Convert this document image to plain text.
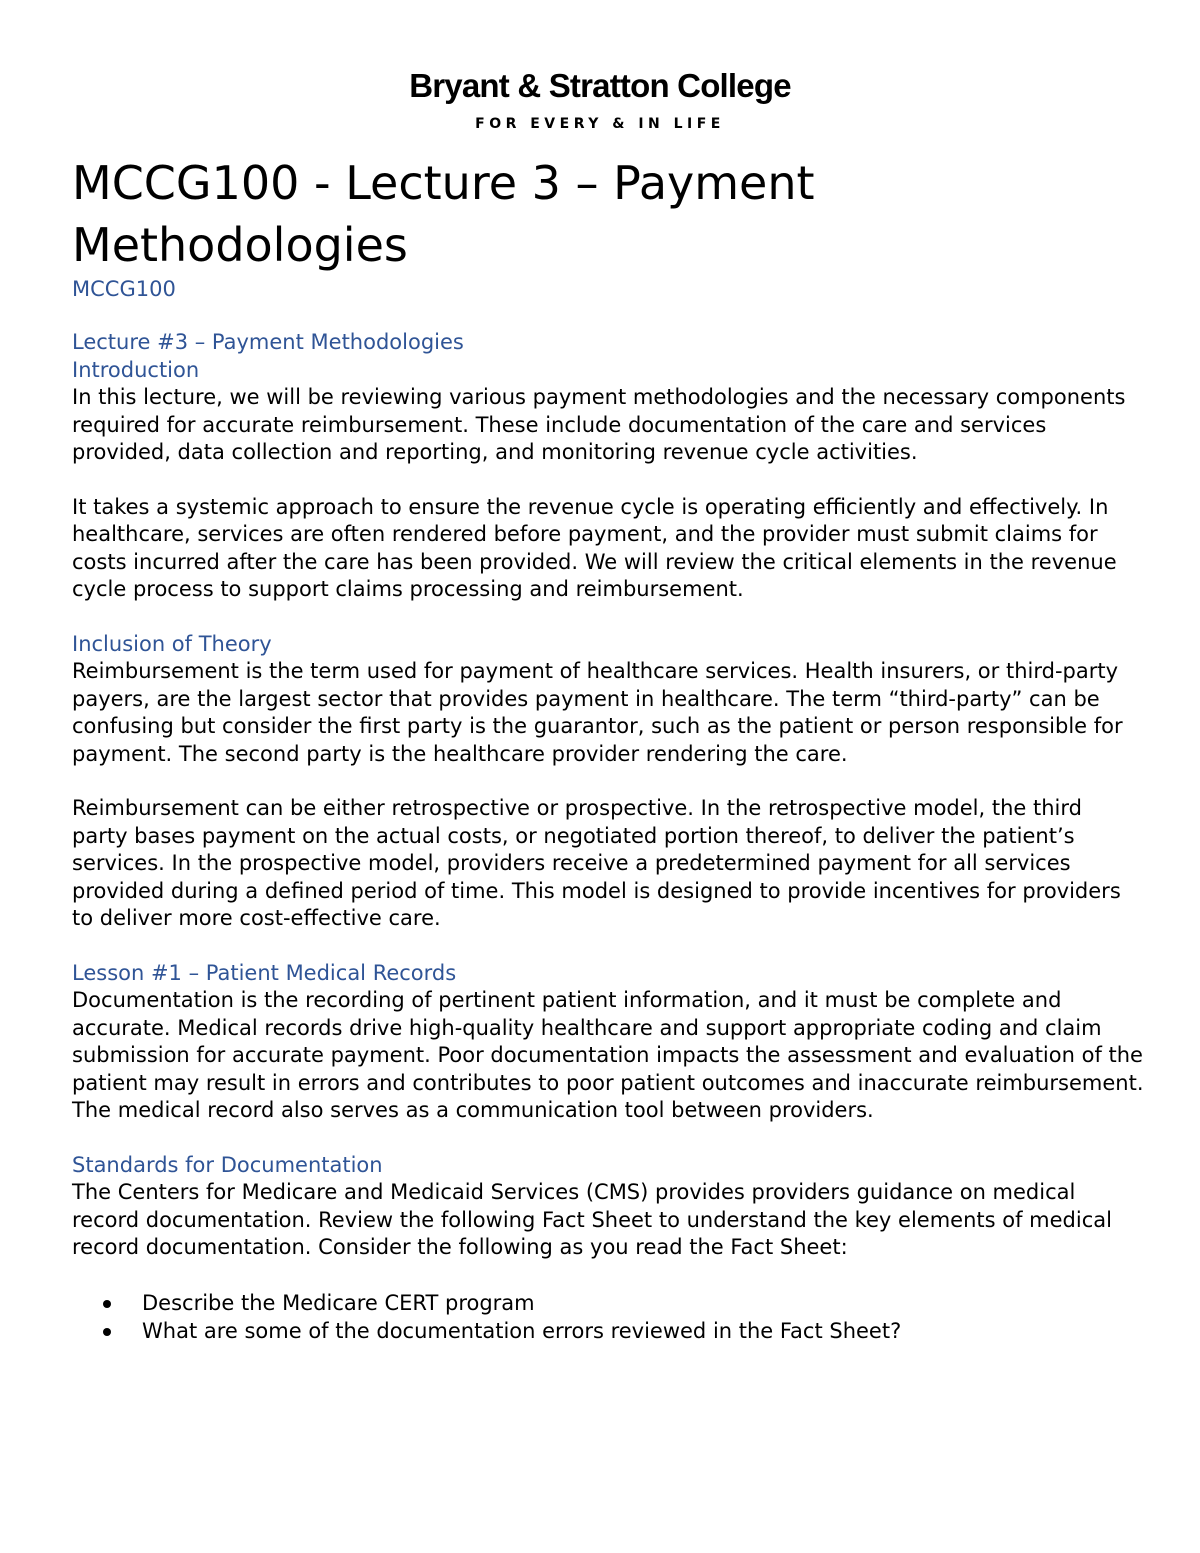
Bryant & Stratton College
FOR EVERY & IN LIFE
MCCG100 - Lecture 3 – Payment Methodologies

MCCG100

Lecture #3 – Payment Methodologies

Introduction

In this lecture, we will be reviewing various payment methodologies and the necessary components required for accurate reimbursement. These include documentation of the care and services provided, data collection and reporting, and monitoring revenue cycle activities.

It takes a systemic approach to ensure the revenue cycle is operating efficiently and effectively. In healthcare, services are often rendered before payment, and the provider must submit claims for costs incurred after the care has been provided. We will review the critical elements in the revenue cycle process to support claims processing and reimbursement.

Inclusion of Theory

Reimbursement is the term used for payment of healthcare services. Health insurers, or third-party payers, are the largest sector that provides payment in healthcare. The term “third-party” can be confusing but consider the first party is the guarantor, such as the patient or person responsible for payment. The second party is the healthcare provider rendering the care.

Reimbursement can be either retrospective or prospective. In the retrospective model, the third party bases payment on the actual costs, or negotiated portion thereof, to deliver the patient’s services. In the prospective model, providers receive a predetermined payment for all services provided during a defined period of time. This model is designed to provide incentives for providers to deliver more cost-effective care.

Lesson #1 – Patient Medical Records

Documentation is the recording of pertinent patient information, and it must be complete and accurate. Medical records drive high-quality healthcare and support appropriate coding and claim submission for accurate payment. Poor documentation impacts the assessment and evaluation of the patient may result in errors and contributes to poor patient outcomes and inaccurate reimbursement. The medical record also serves as a communication tool between providers.

Standards for Documentation

The Centers for Medicare and Medicaid Services (CMS) provides providers guidance on medical record documentation. Review the following Fact Sheet to understand the key elements of medical record documentation. Consider the following as you read the Fact Sheet:

Describe the Medicare CERT program
What are some of the documentation errors reviewed in the Fact Sheet?
